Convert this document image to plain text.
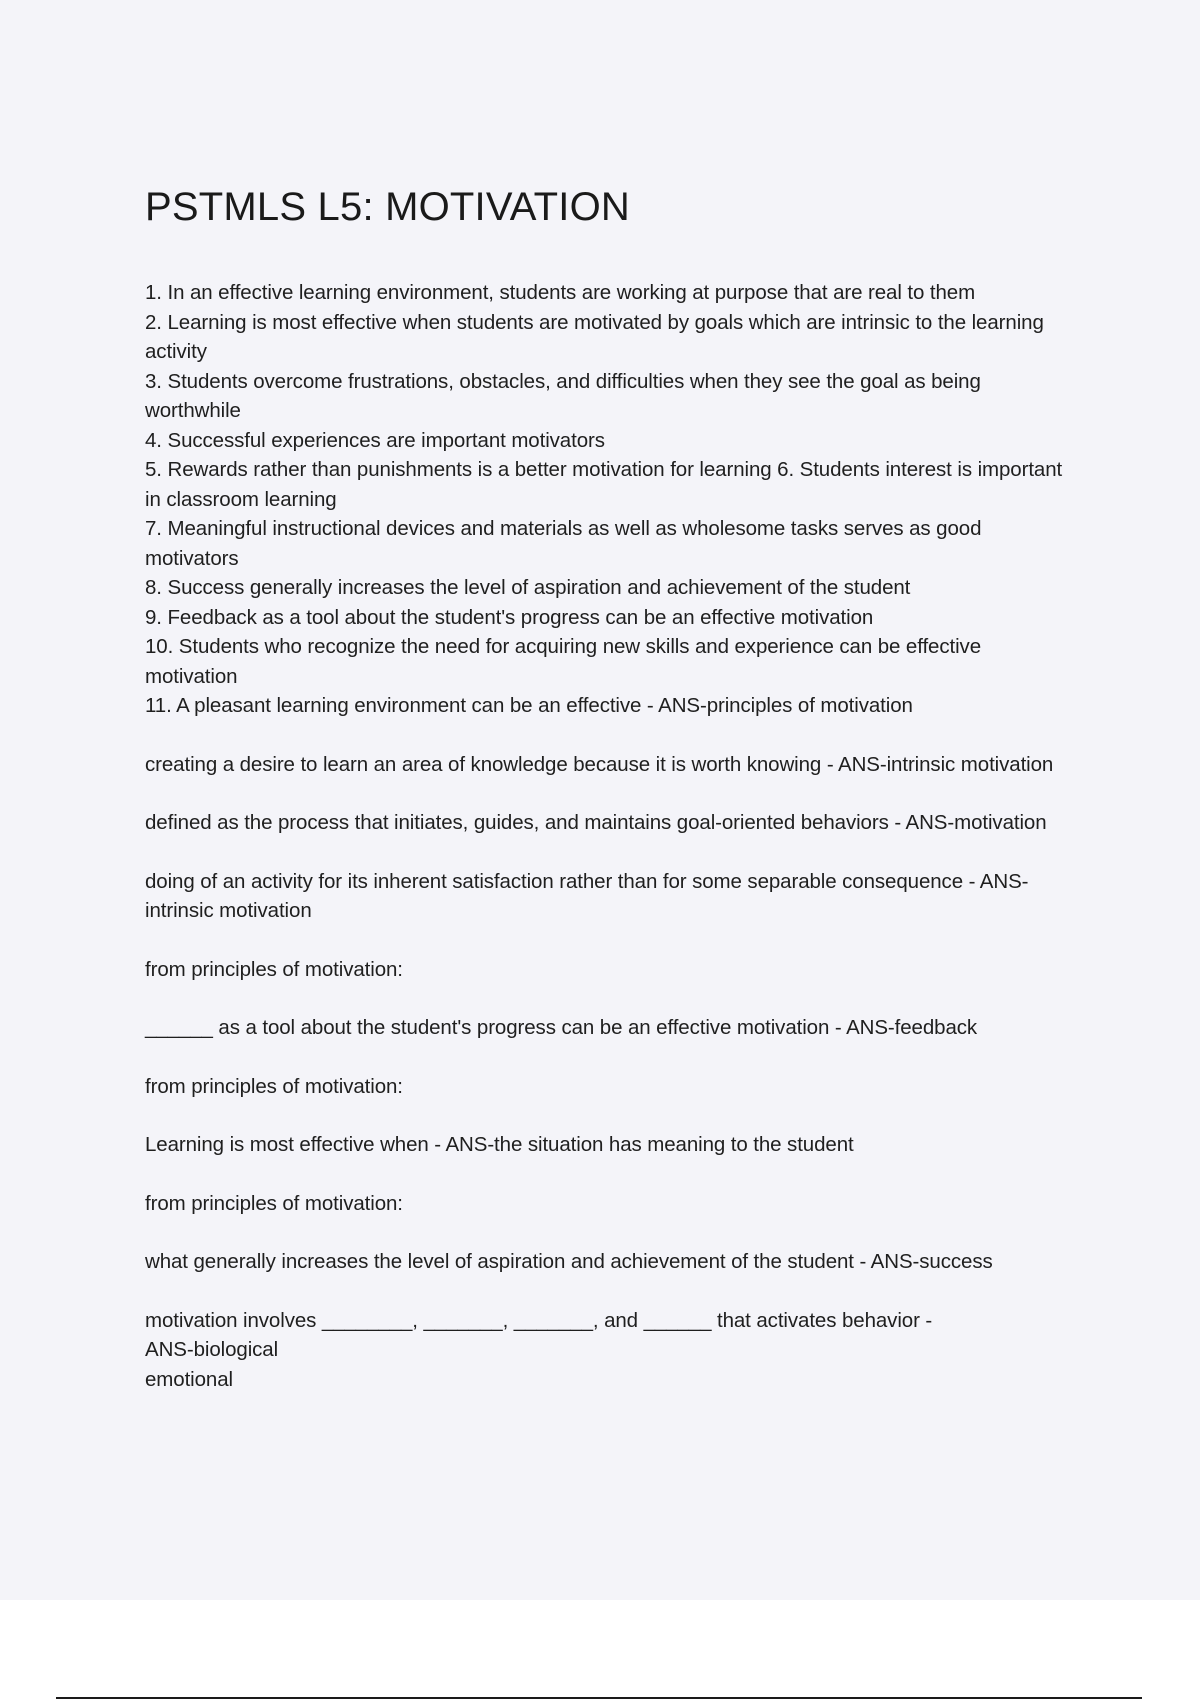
PSTMLS L5: MOTIVATION

1. In an effective learning environment, students are working at purpose that are real to them

2. Learning is most effective when students are motivated by goals which are intrinsic to the learning activity

3. Students overcome frustrations, obstacles, and difficulties when they see the goal as being worthwhile

4. Successful experiences are important motivators

5. Rewards rather than punishments is a better motivation for learning 6. Students interest is important in classroom learning

7. Meaningful instructional devices and materials as well as wholesome tasks serves as good motivators

8. Success generally increases the level of aspiration and achievement of the student

9. Feedback as a tool about the student's progress can be an effective motivation

10. Students who recognize the need for acquiring new skills and experience can be effective motivation

11. A pleasant learning environment can be an effective - ANS-principles of motivation

creating a desire to learn an area of knowledge because it is worth knowing - ANS-intrinsic motivation

defined as the process that initiates, guides, and maintains goal-oriented behaviors - ANS-motivation

doing of an activity for its inherent satisfaction rather than for some separable consequence - ANS-intrinsic motivation

from principles of motivation:

______ as a tool about the student's progress can be an effective motivation - ANS-feedback

from principles of motivation:

Learning is most effective when - ANS-the situation has meaning to the student

from principles of motivation:

what generally increases the level of aspiration and achievement of the student - ANS-success

motivation involves ________, _______, _______, and ______ that activates behavior -

ANS-biological

emotional
